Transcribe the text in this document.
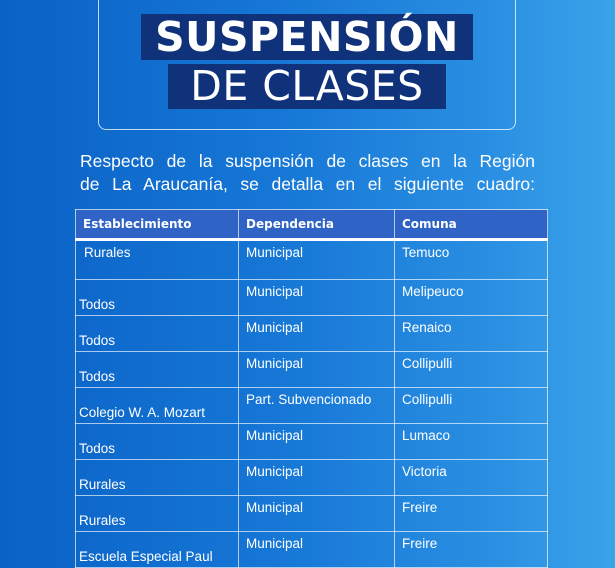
SUSPENSIÓN
DE CLASES
Respecto de la suspensión de clases en la Región
de La Araucanía, se detalla en el siguiente cuadro:
Establecimiento	Dependencia	Comuna
Rurales	Municipal	Temuco
Todos	Municipal	Melipeuco
Todos	Municipal	Renaico
Todos	Municipal	Collipulli
Colegio W. A. Mozart	Part. Subvencionado	Collipulli
Todos	Municipal	Lumaco
Rurales	Municipal	Victoria
Rurales	Municipal	Freire
Escuela Especial Paul	Municipal	Freire
